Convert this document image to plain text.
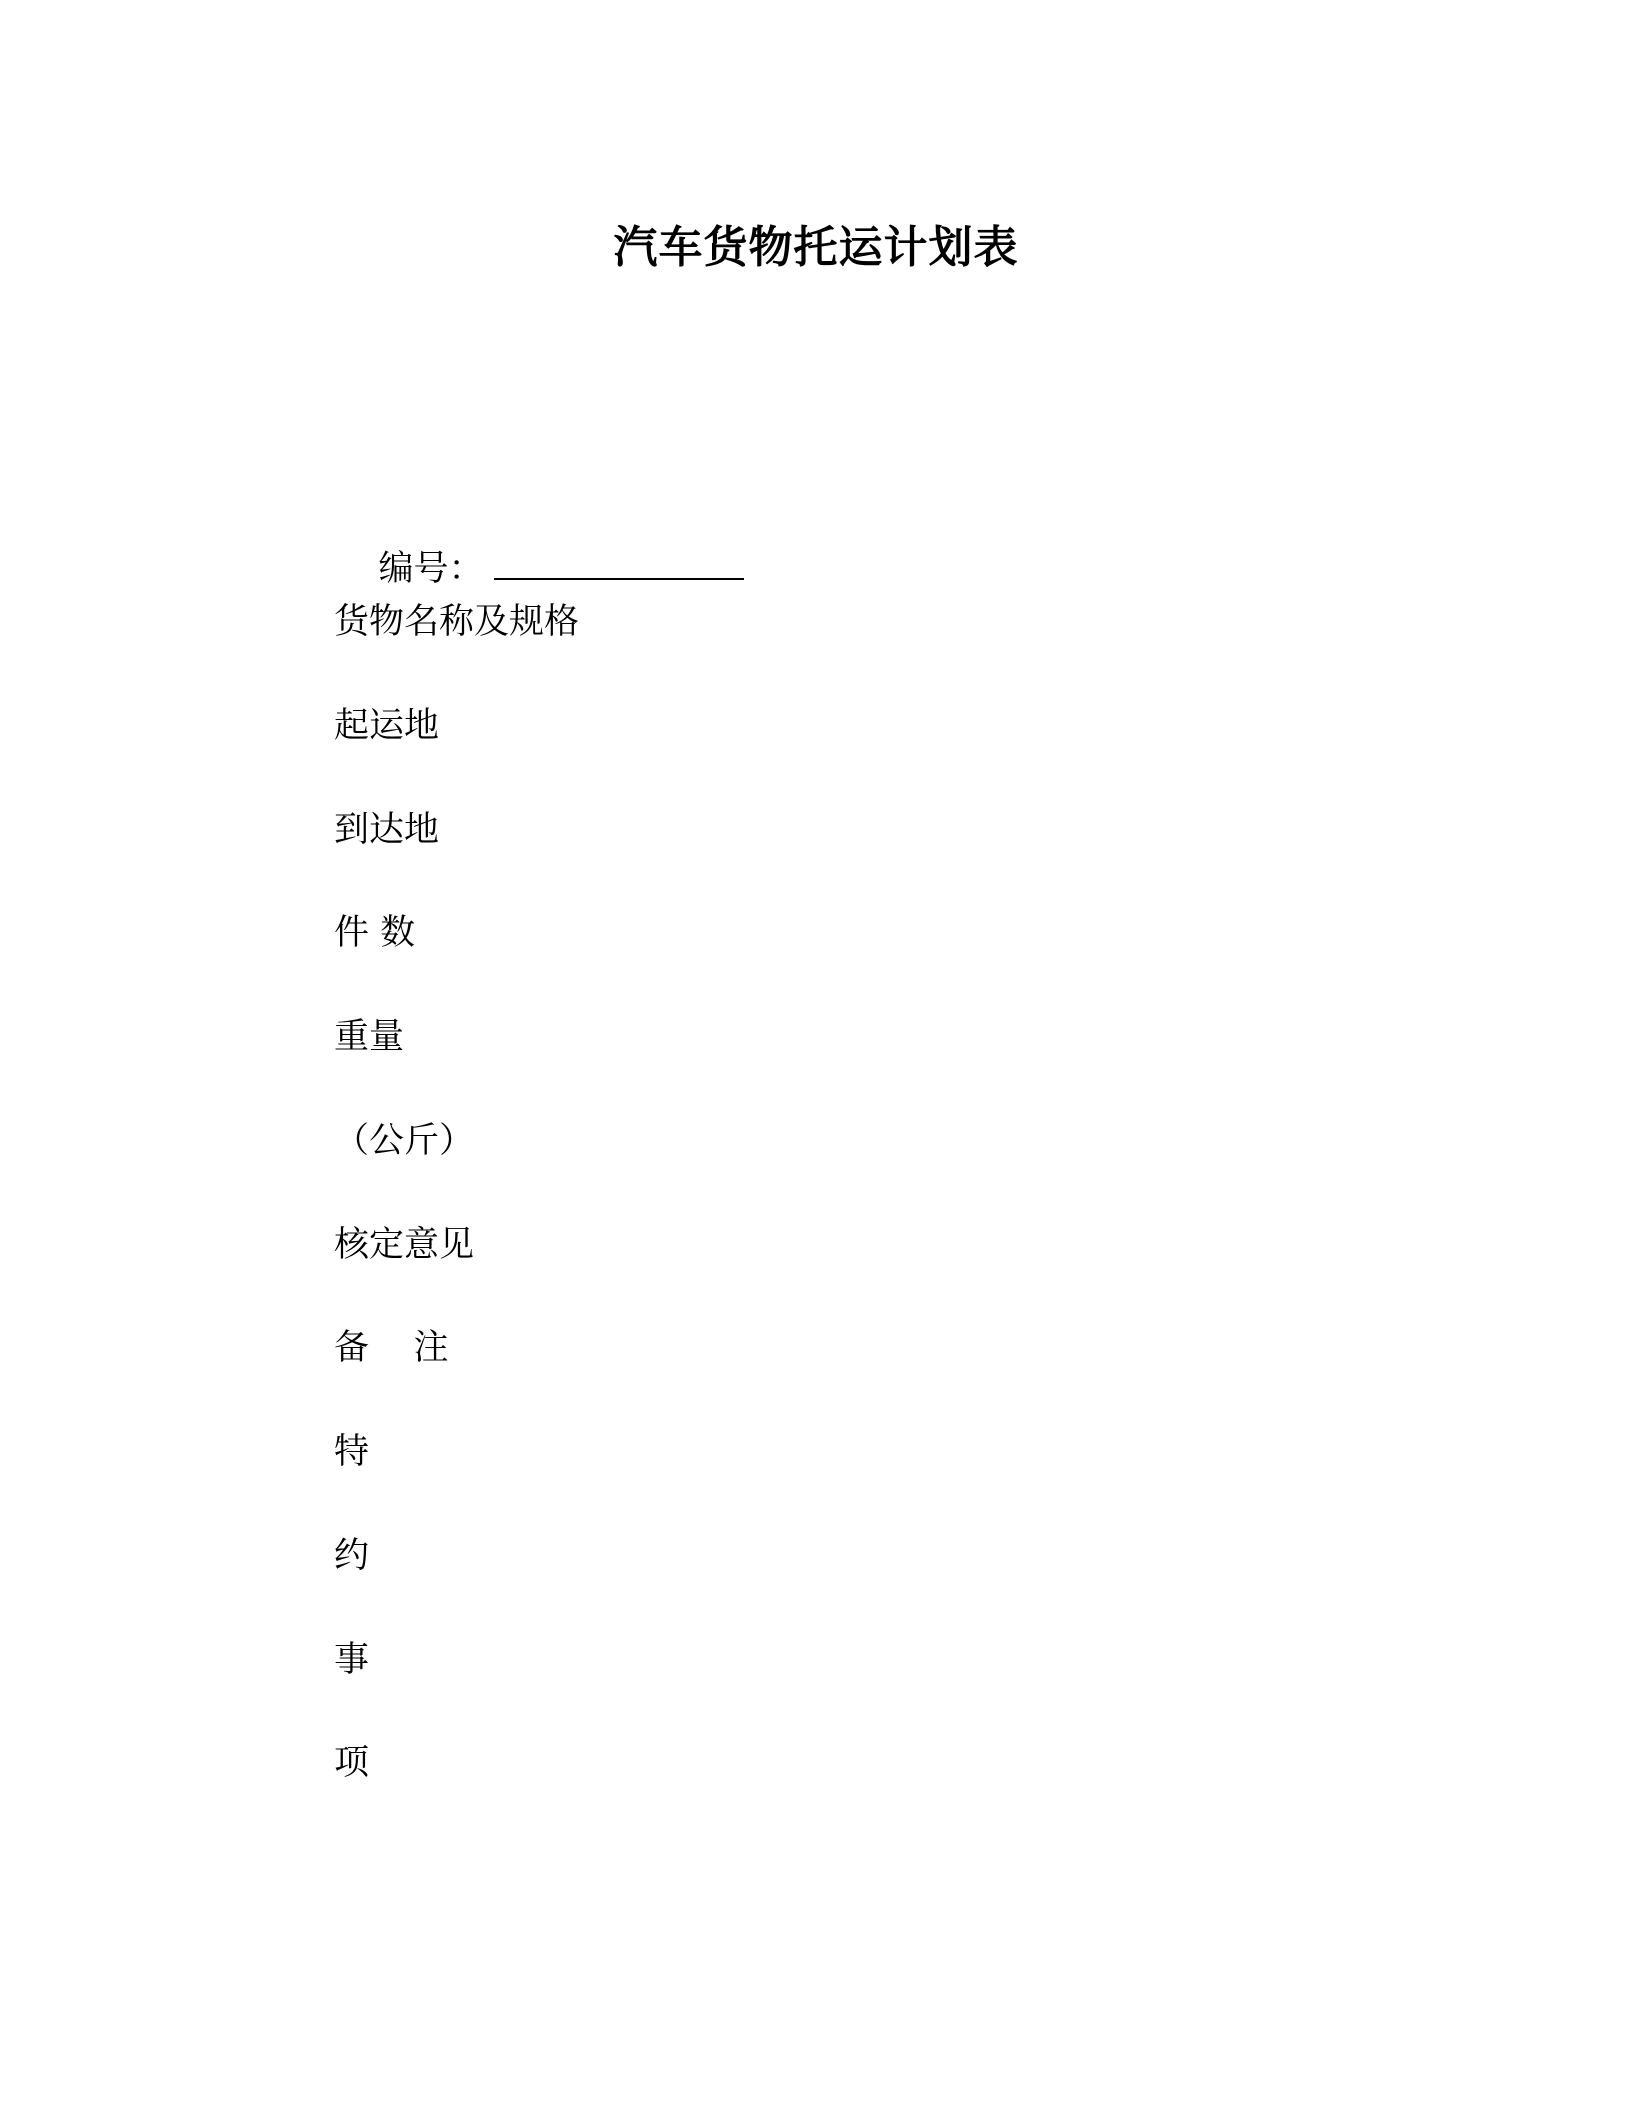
汽车货物托运计划表

编号：

货物名称及规格
起运地
到达地
件 数
重量
（公斤）
核定意见
备    注
特
约
事
项
